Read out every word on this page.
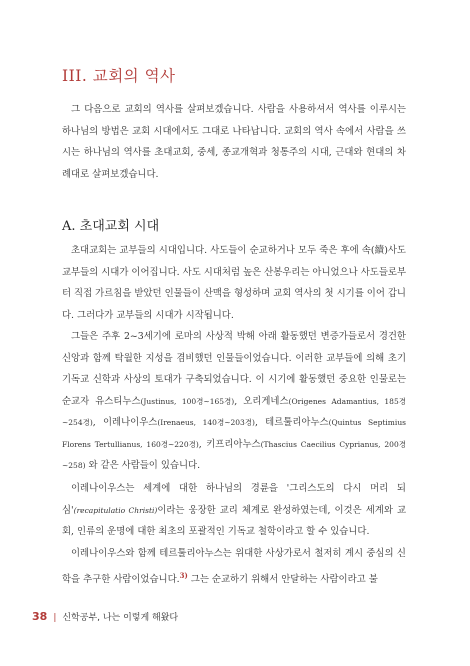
III. 교회의 역사

그 다음으로 교회의 역사를 살펴보겠습니다. 사람을 사용하셔서 역사를 이루시는 하나님의 방법은 교회 시대에서도 그대로 나타납니다. 교회의 역사 속에서 사람을 쓰시는 하나님의 역사를 초대교회, 중세, 종교개혁과 청통주의 시대, 근대와 현대의 차례대로 살펴보겠습니다.

A. 초대교회 시대

초대교회는 교부들의 시대입니다. 사도들이 순교하거나 모두 죽은 후에 속(續)사도 교부들의 시대가 이어집니다. 사도 시대처럼 높은 산봉우리는 아니었으나 사도들로부터 직접 가르침을 받았던 인물들이 산맥을 형성하며 교회 역사의 첫 시기를 이어 갑니다. 그러다가 교부들의 시대가 시작됩니다.

그들은 주후 2~3세기에 로마의 사상적 박해 아래 활동했던 변증가들로서 경건한 신앙과 함께 탁월한 지성을 겸비했던 인물들이었습니다. 이러한 교부들에 의해 초기 기독교 신학과 사상의 토대가 구축되었습니다. 이 시기에 활동했던 중요한 인물로는 순교자 유스티누스(Justinus, 100경~165경), 오리게네스(Origenes Adamantius, 185경~254경), 이레나이우스(Irenaeus, 140경~203경), 테르툴리아누스(Quintus Septimius Florens Tertullianus, 160경~220경), 키프리아누스(Thascius Caecilius Cyprianus, 200경~258) 와 같은 사람들이 있습니다.

이레나이우스는 세계에 대한 하나님의 경륜을 '그리스도의 다시 머리 되심'(recapitulatio Christi)이라는 웅장한 교리 체계로 완성하였는데, 이것은 세계와 교회, 인류의 운명에 대한 최초의 포괄적인 기독교 철학이라고 할 수 있습니다.

이레나이우스와 함께 테르툴리아누스는 위대한 사상가로서 철저히 계시 중심의 신학을 추구한 사람이었습니다.$^{3)}$ 그는 순교하기 위해서 안달하는 사람이라고 불

38 | 신학공부, 나는 이렇게 해왔다
